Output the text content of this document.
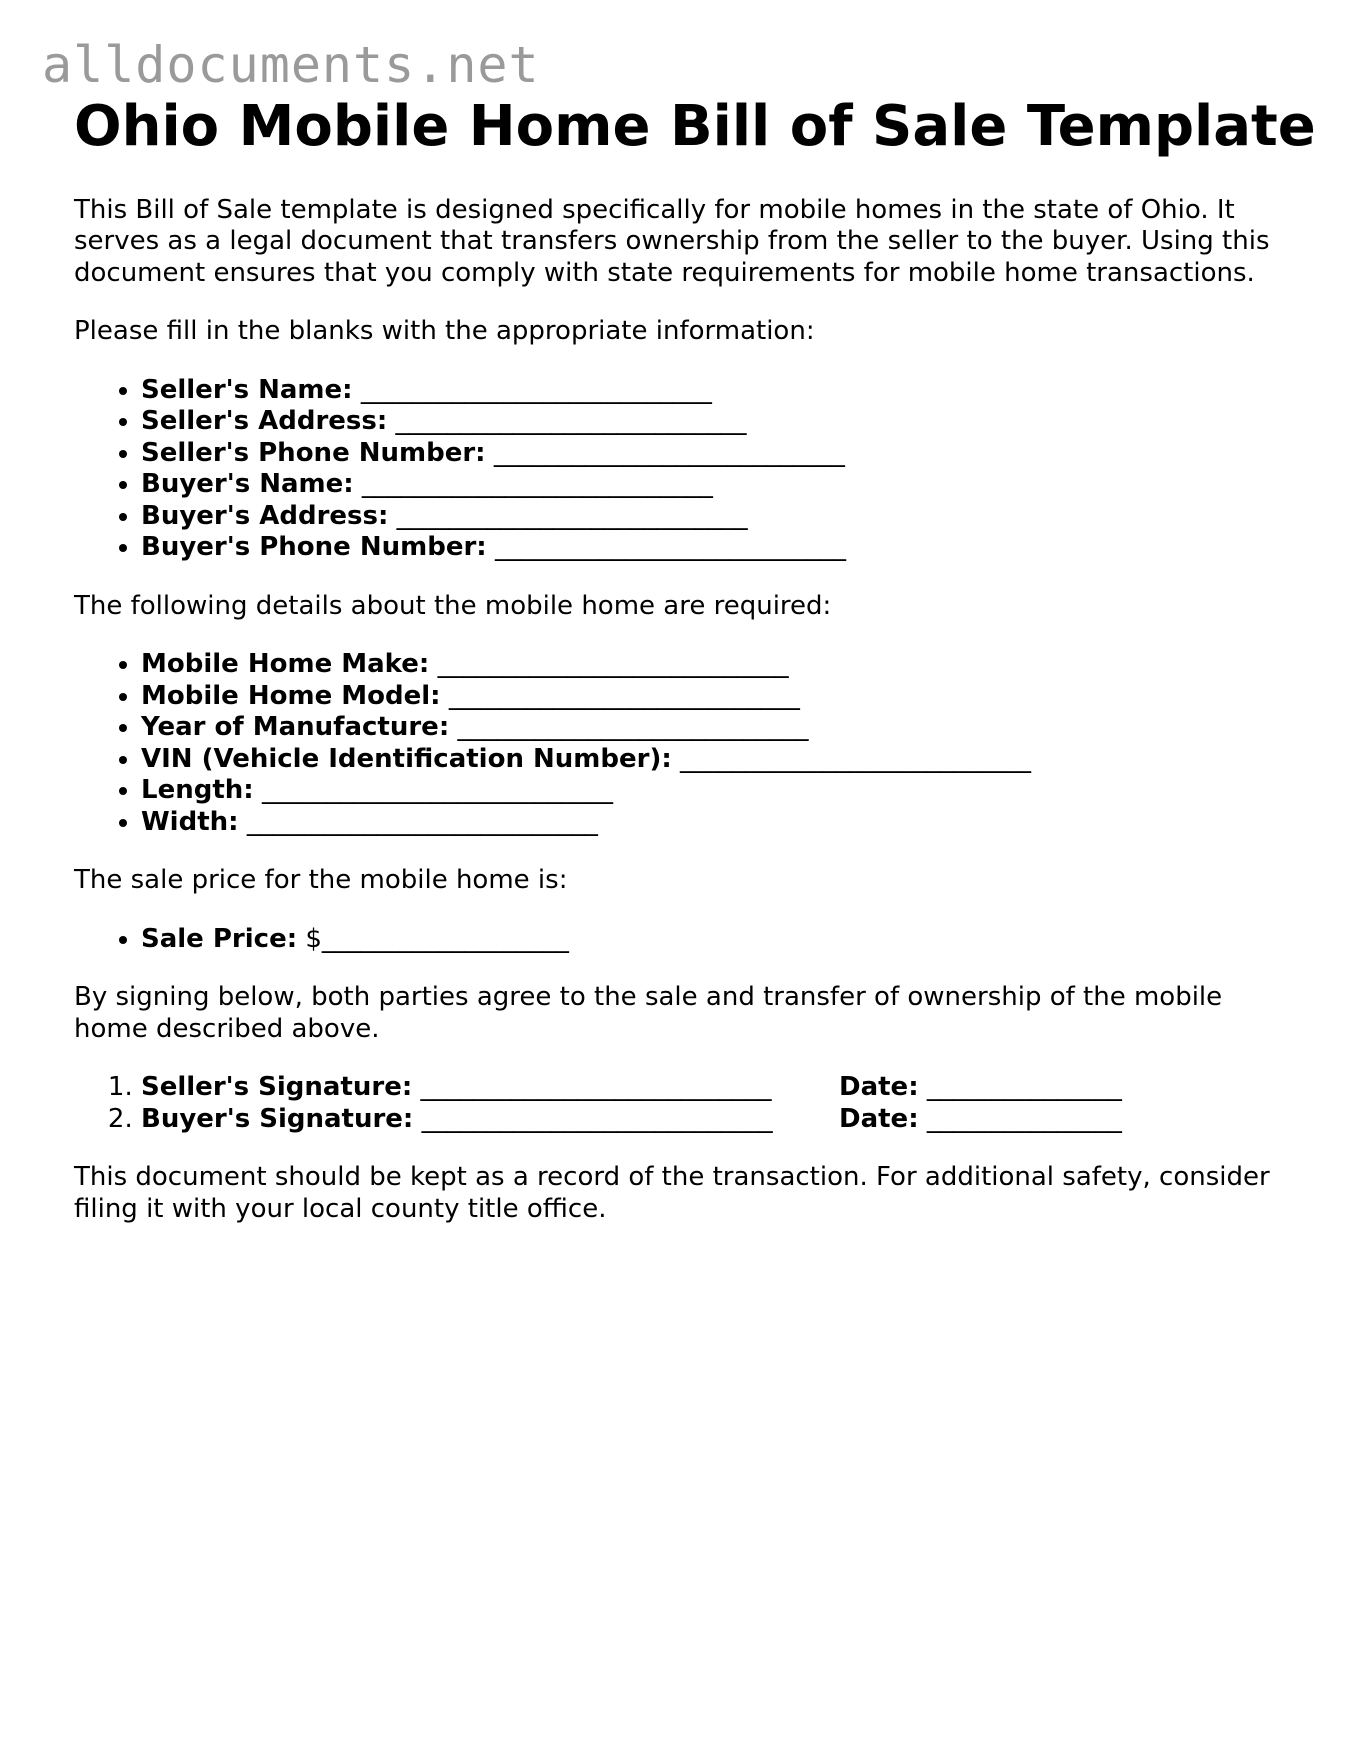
alldocuments.net
Ohio Mobile Home Bill of Sale Template

This Bill of Sale template is designed specifically for mobile homes in the state of Ohio. It serves as a legal document that transfers ownership from the seller to the buyer. Using this document ensures that you comply with state requirements for mobile home transactions.

Please fill in the blanks with the appropriate information:

• Seller's Name: ___________________________
• Seller's Address: ___________________________
• Seller's Phone Number: ___________________________
• Buyer's Name: ___________________________
• Buyer's Address: ___________________________
• Buyer's Phone Number: ___________________________

The following details about the mobile home are required:

• Mobile Home Make: ___________________________
• Mobile Home Model: ___________________________
• Year of Manufacture: ___________________________
• VIN (Vehicle Identification Number): ___________________________
• Length: ___________________________
• Width: ___________________________

The sale price for the mobile home is:

• Sale Price: $___________________

By signing below, both parties agree to the sale and transfer of ownership of the mobile home described above.

1. Seller's Signature: ___________________________	Date: _______________
2. Buyer's Signature: ___________________________	Date: _______________

This document should be kept as a record of the transaction. For additional safety, consider filing it with your local county title office.
